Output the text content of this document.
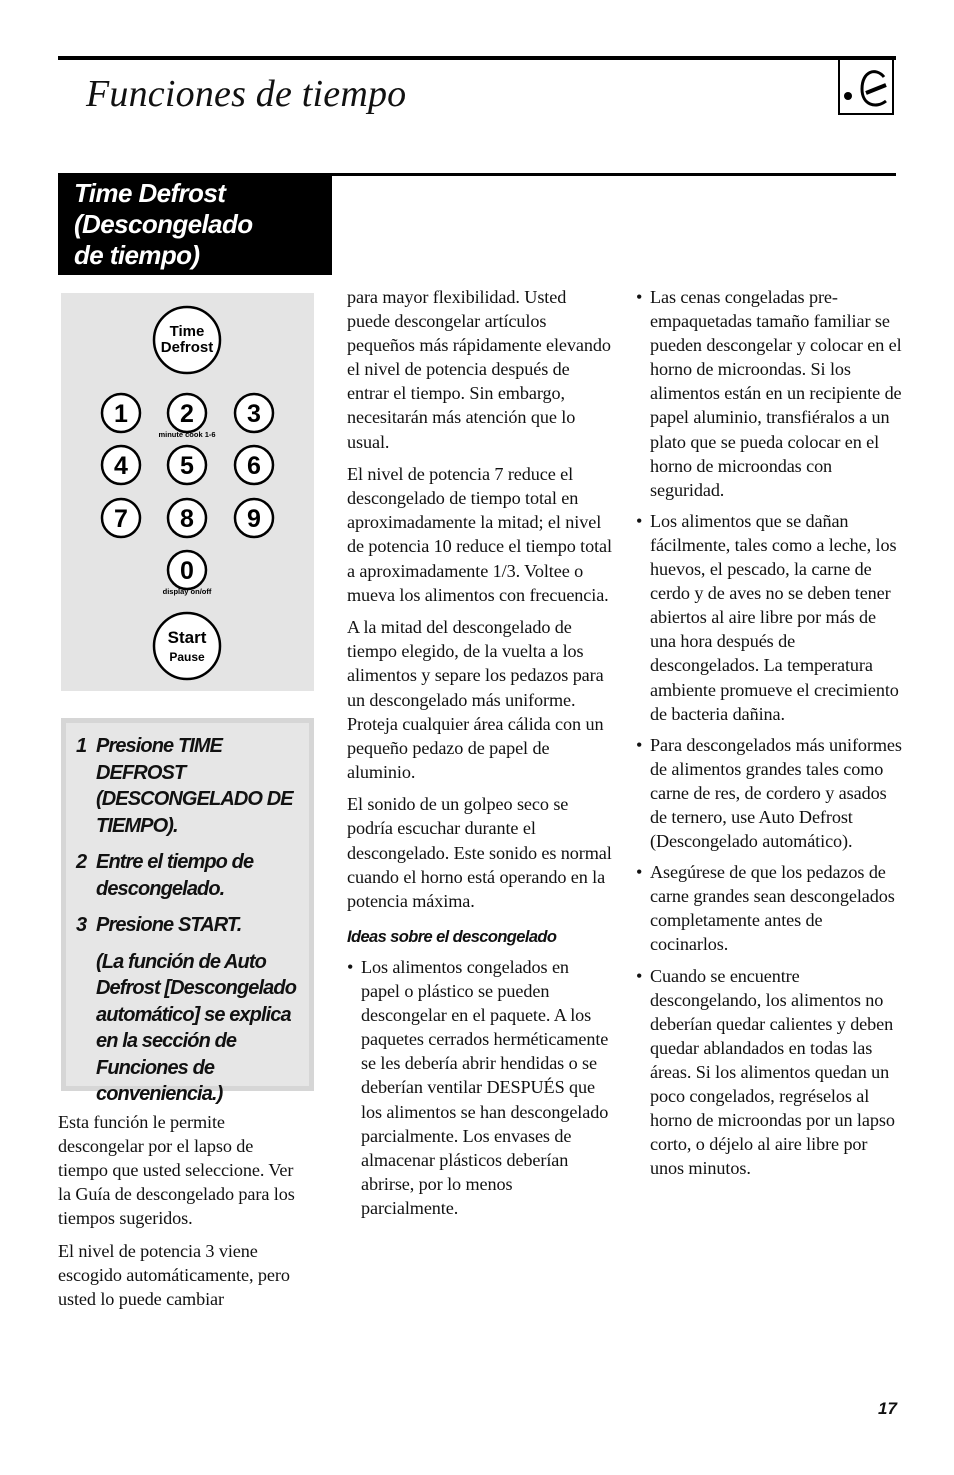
Funciones de tiempo
Time Defrost
(Descongelado
de tiempo)
Time
Defrost
1 2 3
minute cook 1-6
4 5 6
7 8 9
0
display on/off
Start
Pause
1 Presione TIME DEFROST (DESCONGELADO DE TIEMPO).
2 Entre el tiempo de descongelado.
3 Presione START.
(La función de Auto Defrost [Descongelado automático] se explica en la sección de Funciones de conveniencia.)

Esta función le permite descongelar por el lapso de tiempo que usted seleccione. Ver la Guía de descongelado para los tiempos sugeridos.

El nivel de potencia 3 viene escogido automáticamente, pero usted lo puede cambiar

para mayor flexibilidad. Usted puede descongelar artículos pequeños más rápidamente elevando el nivel de potencia después de entrar el tiempo. Sin embargo, necesitarán más atención que lo usual.

El nivel de potencia 7 reduce el descongelado de tiempo total en aproximadamente la mitad; el nivel de potencia 10 reduce el tiempo total a aproximadamente 1/3. Voltee o mueva los alimentos con frecuencia.

A la mitad del descongelado de tiempo elegido, de la vuelta a los alimentos y separe los pedazos para un descongelado más uniforme. Proteja cualquier área cálida con un pequeño pedazo de papel de aluminio.

El sonido de un golpeo seco se podría escuchar durante el descongelado. Este sonido es normal cuando el horno está operando en la potencia máxima.

Ideas sobre el descongelado
• Los alimentos congelados en papel o plástico se pueden descongelar en el paquete. A los paquetes cerrados herméticamente se les debería abrir hendidas o se deberían ventilar DESPUÉS que los alimentos se han descongelado parcialmente. Los envases de almacenar plásticos deberían abrirse, por lo menos parcialmente.
• Las cenas congeladas pre-empaquetadas tamaño familiar se pueden descongelar y colocar en el horno de microondas. Si los alimentos están en un recipiente de papel aluminio, transfiéralos a un plato que se pueda colocar en el horno de microondas con seguridad.
• Los alimentos que se dañan fácilmente, tales como a leche, los huevos, el pescado, la carne de cerdo y de aves no se deben tener abiertos al aire libre por más de una hora después de descongelados. La temperatura ambiente promueve el crecimiento de bacteria dañina.
• Para descongelados más uniformes de alimentos grandes tales como carne de res, de cordero y asados de ternero, use Auto Defrost (Descongelado automático).
• Asegúrese de que los pedazos de carne grandes sean descongelados completamente antes de cocinarlos.
• Cuando se encuentre descongelando, los alimentos no deberían quedar calientes y deben quedar ablandados en todas las áreas. Si los alimentos quedan un poco congelados, regréselos al horno de microondas por un lapso corto, o déjelo al aire libre por unos minutos.
17
